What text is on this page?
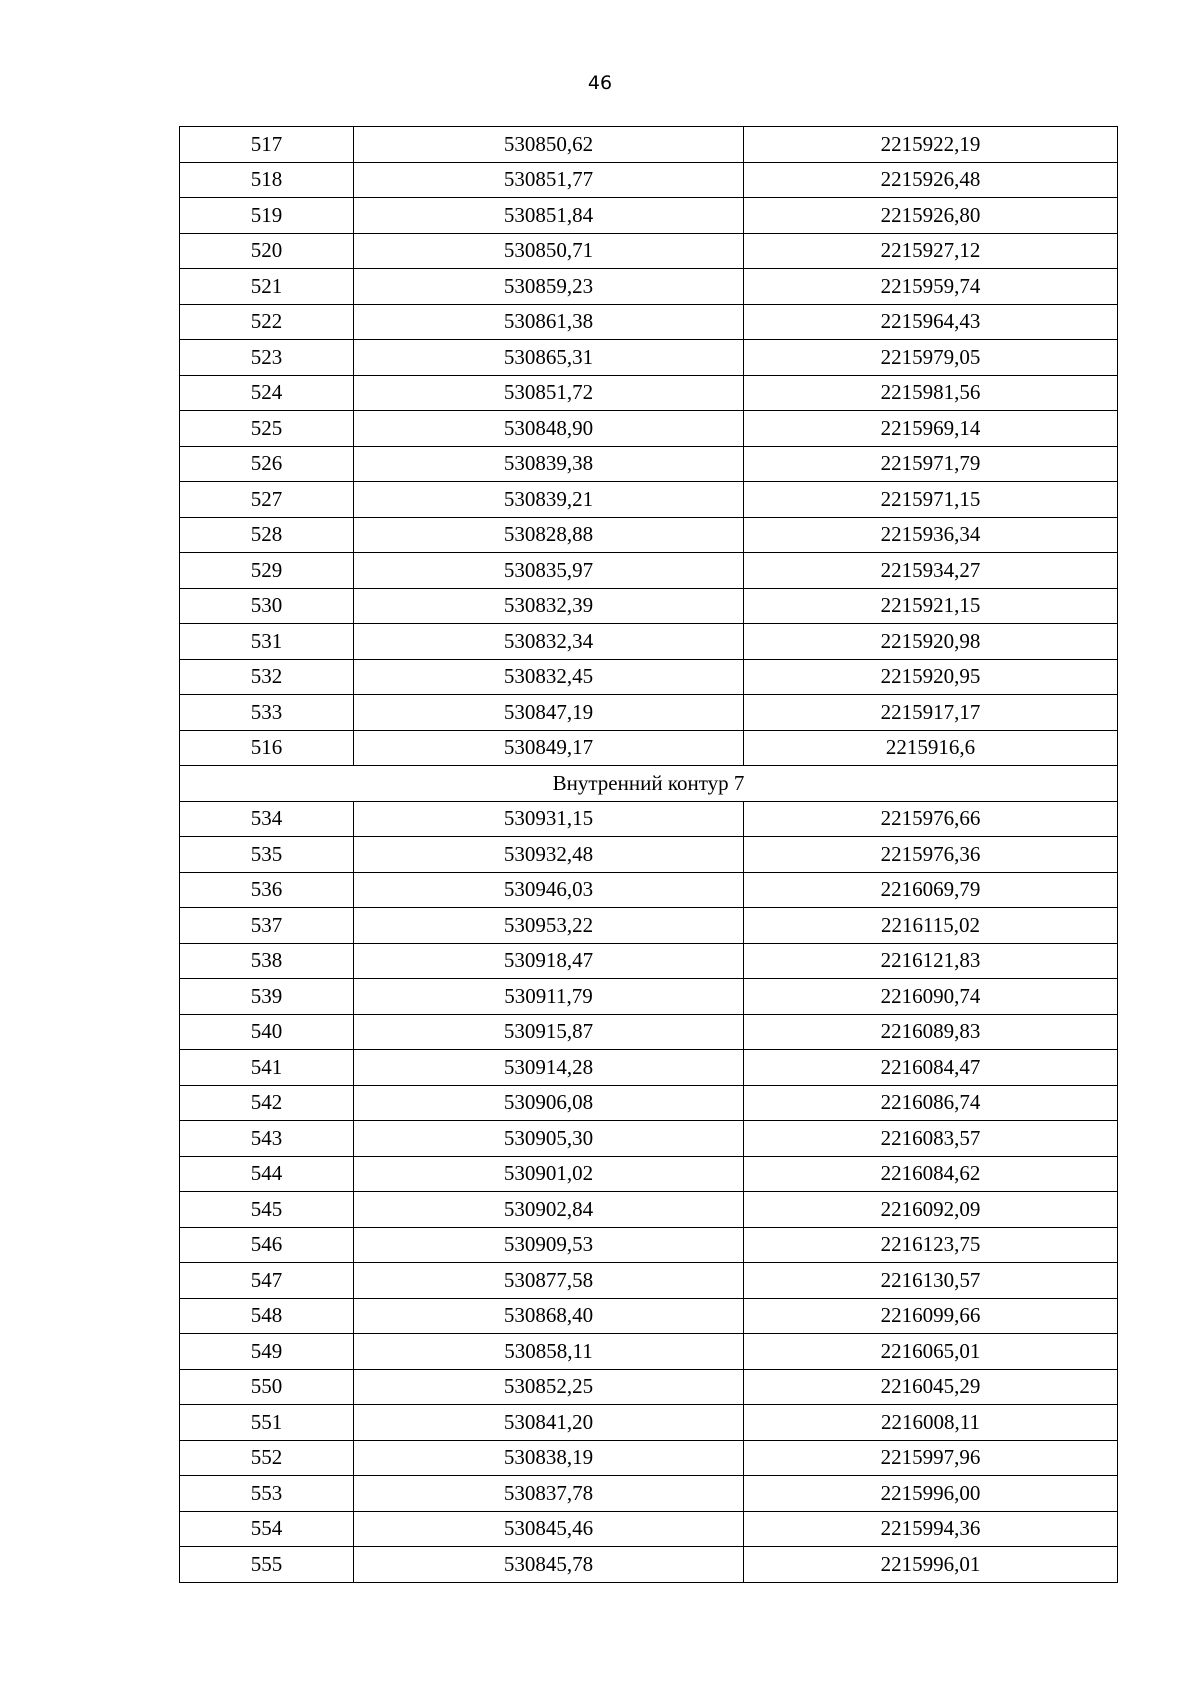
46
517	530850,62	2215922,19
518	530851,77	2215926,48
519	530851,84	2215926,80
520	530850,71	2215927,12
521	530859,23	2215959,74
522	530861,38	2215964,43
523	530865,31	2215979,05
524	530851,72	2215981,56
525	530848,90	2215969,14
526	530839,38	2215971,79
527	530839,21	2215971,15
528	530828,88	2215936,34
529	530835,97	2215934,27
530	530832,39	2215921,15
531	530832,34	2215920,98
532	530832,45	2215920,95
533	530847,19	2215917,17
516	530849,17	2215916,6
Внутренний контур 7		
534	530931,15	2215976,66
535	530932,48	2215976,36
536	530946,03	2216069,79
537	530953,22	2216115,02
538	530918,47	2216121,83
539	530911,79	2216090,74
540	530915,87	2216089,83
541	530914,28	2216084,47
542	530906,08	2216086,74
543	530905,30	2216083,57
544	530901,02	2216084,62
545	530902,84	2216092,09
546	530909,53	2216123,75
547	530877,58	2216130,57
548	530868,40	2216099,66
549	530858,11	2216065,01
550	530852,25	2216045,29
551	530841,20	2216008,11
552	530838,19	2215997,96
553	530837,78	2215996,00
554	530845,46	2215994,36
555	530845,78	2215996,01
